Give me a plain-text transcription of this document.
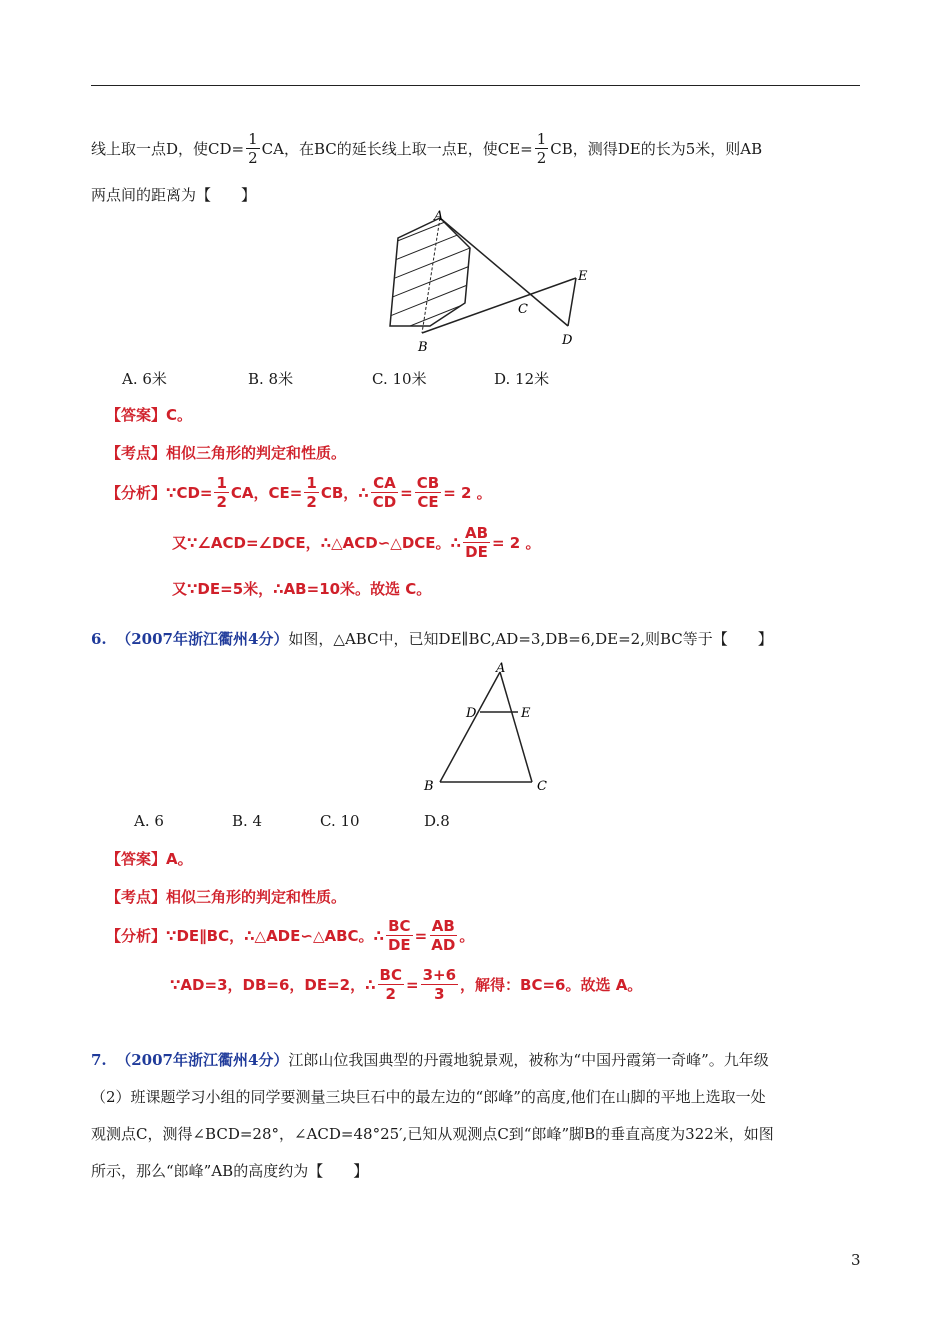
线上取一点D，使$CD= \frac{1}{2}$ CA，在BC的延长线上取一点E，使$CE= \frac{1}{2}$ CB，测得DE的长为5米，则AB
两点间的距离为【　　】
A
B
C
D
E
A. 6米	B. 8米	C. 10米	D. 12米
【答案】C。
【考点】相似三角形的判定和性质。
【分析】 ∵CD= $\frac{1}{2}$ CA，$CE= \frac{1}{2}$ CB，∴ $\frac{CA}{CD} = \frac{CB}{CE} = 2$ 。
又∵∠ACD=∠DCE，∴△ACD∽△DCE。∴ $\frac{AB}{DE} = 2$ 。
又∵DE=5米，∴AB=10米。故选 C。
6. （2007年浙江衢州4分）如图，△ABC中，已知DE∥BC,AD=3,DB=6,DE=2,则BC等于【　　】
A
D	E
B	C
A. 6	B. 4	C. 10	D.8
【答案】A。
【考点】相似三角形的判定和性质。
【分析】 ∵DE∥BC，∴△ADE∽△ABC。∴ $\frac{BC}{DE} = \frac{AB}{AD}$ 。
∵AD=3，DB=6，DE=2，∴ $\frac{BC}{2} = \frac{3+6}{3}$ ，解得：BC=6。故选 A。
7. （2007年浙江衢州4分）江郎山位我国典型的丹霞地貌景观，被称为“中国丹霞第一奇峰”。九年级
（2）班课题学习小组的同学要测量三块巨石中的最左边的“郎峰”的高度,他们在山脚的平地上选取一处
观测点C，测得∠BCD=28°，∠ACD=48°25′,已知从观测点C到“郎峰”脚B的垂直高度为322米，如图
所示，那么“郎峰”AB的高度约为【　　】
3
